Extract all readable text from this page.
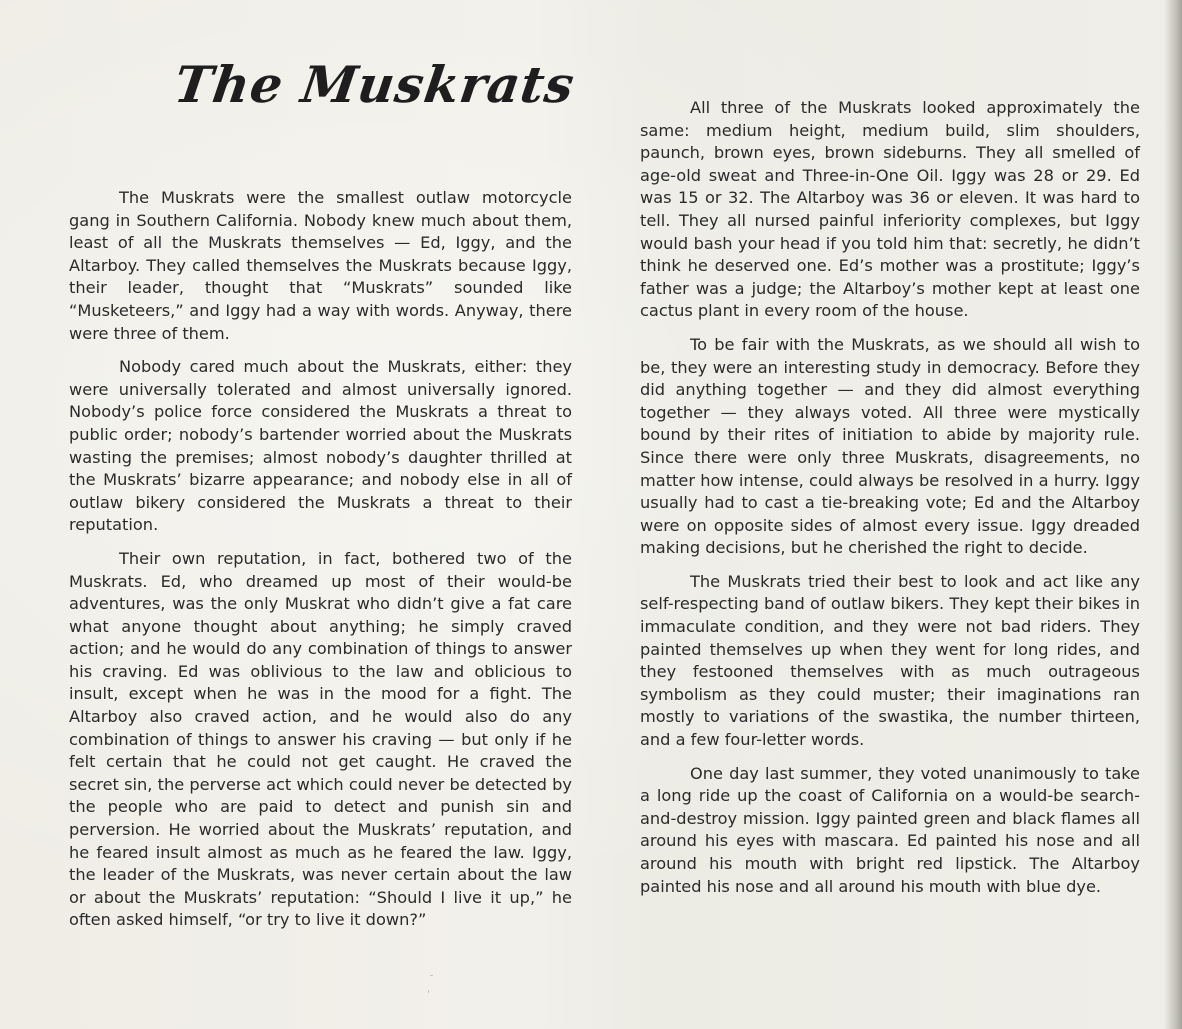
The Muskrats

The Muskrats were the smallest outlaw motorcycle gang in Southern California. Nobody knew much about them, least of all the Muskrats themselves — Ed, Iggy, and the Altarboy. They called themselves the Muskrats because Iggy, their leader, thought that “Muskrats” sounded like “Musketeers,” and Iggy had a way with words. Anyway, there were three of them.

Nobody cared much about the Muskrats, either: they were universally tolerated and almost universally ignored. Nobody’s police force considered the Muskrats a threat to public order; nobody’s bartender worried about the Muskrats wasting the premises; almost nobody’s daughter thrilled at the Muskrats’ bizarre appearance; and nobody else in all of outlaw bikery considered the Muskrats a threat to their reputation.

Their own reputation, in fact, bothered two of the Muskrats. Ed, who dreamed up most of their would-be adventures, was the only Muskrat who didn’t give a fat care what anyone thought about anything; he simply craved action; and he would do any combination of things to answer his craving. Ed was oblivious to the law and oblicious to insult, except when he was in the mood for a fight. The Altarboy also craved action, and he would also do any combination of things to answer his craving — but only if he felt certain that he could not get caught. He craved the secret sin, the perverse act which could never be detected by the people who are paid to detect and punish sin and perversion. He worried about the Muskrats’ reputation, and he feared insult almost as much as he feared the law. Iggy, the leader of the Muskrats, was never certain about the law or about the Muskrats’ reputation: “Should I live it up,” he often asked himself, “or try to live it down?”

All three of the Muskrats looked approximately the same: medium height, medium build, slim shoulders, paunch, brown eyes, brown sideburns. They all smelled of age-old sweat and Three-in-One Oil. Iggy was 28 or 29. Ed was 15 or 32. The Altarboy was 36 or eleven. It was hard to tell. They all nursed painful inferiority complexes, but Iggy would bash your head if you told him that: secretly, he didn’t think he deserved one. Ed’s mother was a prostitute; Iggy’s father was a judge; the Altarboy’s mother kept at least one cactus plant in every room of the house.

To be fair with the Muskrats, as we should all wish to be, they were an interesting study in democracy. Before they did anything together — and they did almost everything together — they always voted. All three were mystically bound by their rites of initiation to abide by majority rule. Since there were only three Muskrats, disagreements, no matter how intense, could always be resolved in a hurry. Iggy usually had to cast a tie-breaking vote; Ed and the Altarboy were on opposite sides of almost every issue. Iggy dreaded making decisions, but he cherished the right to decide.

The Muskrats tried their best to look and act like any self-respecting band of outlaw bikers. They kept their bikes in immaculate condition, and they were not bad riders. They painted themselves up when they went for long rides, and they festooned themselves with as much outrageous symbolism as they could muster; their imaginations ran mostly to variations of the swastika, the number thirteen, and a few four-letter words.

One day last summer, they voted unanimously to take a long ride up the coast of California on a would-be search-and-destroy mission. Iggy painted green and black flames all around his eyes with mascara. Ed painted his nose and all around his mouth with bright red lipstick. The Altarboy painted his nose and all around his mouth with blue dye.
